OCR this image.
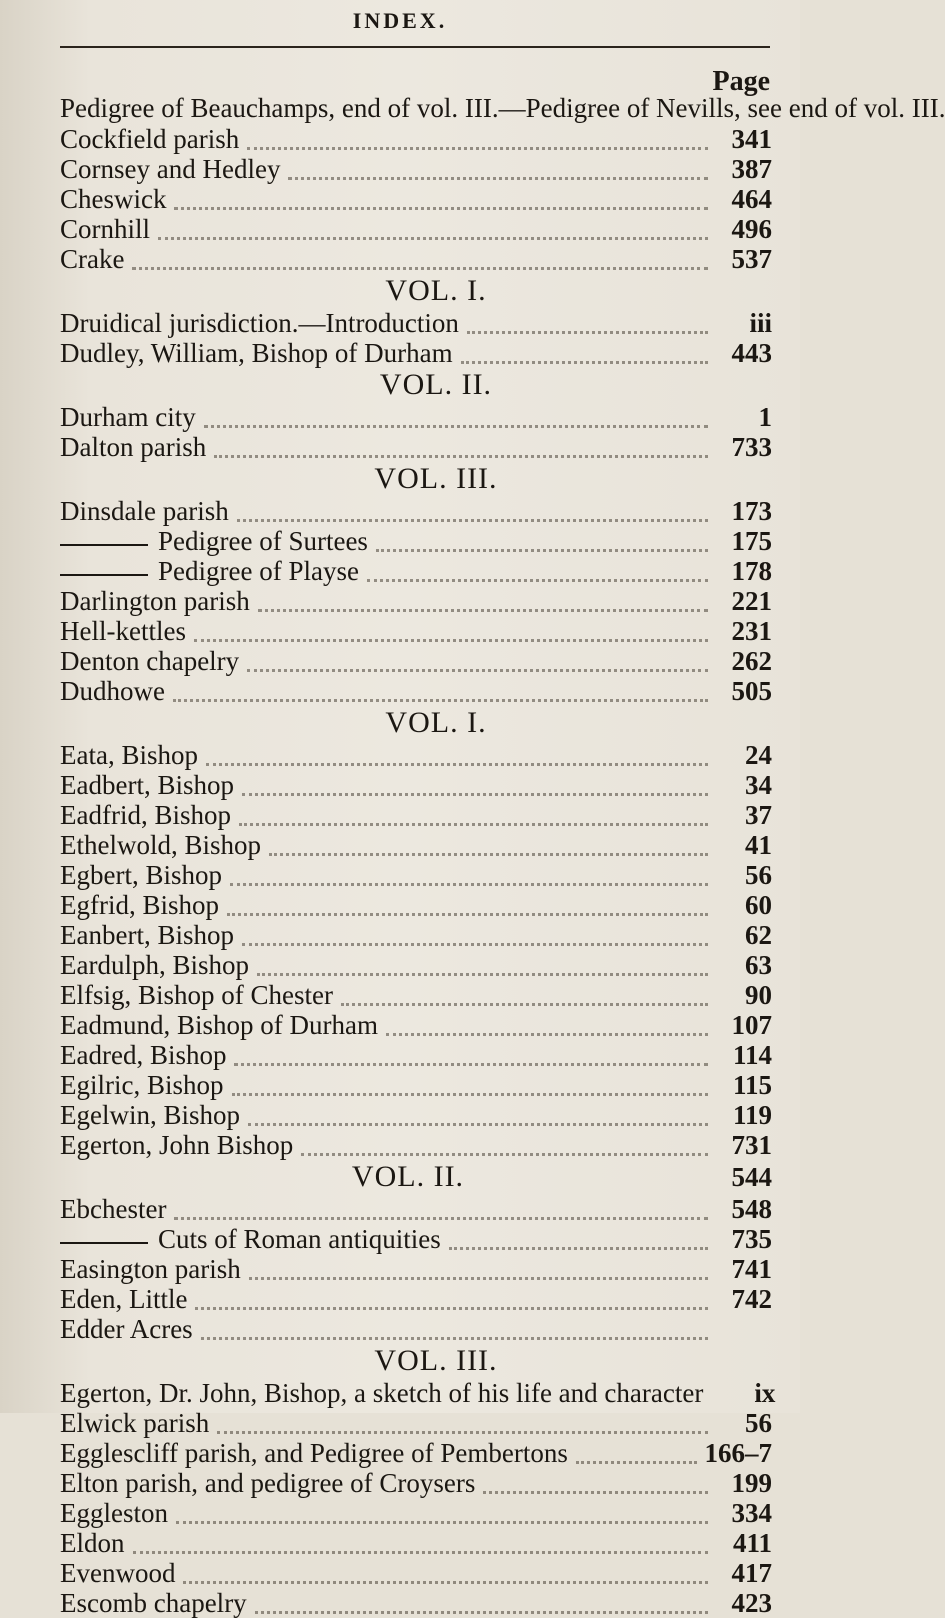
INDEX.
Page
Pedigree of Beauchamps, end of vol. III.—Pedigree of Nevills, see end of vol. III.
Cockfield parish	341
Cornsey and Hedley	387
Cheswick	464
Cornhill	496
Crake	537
VOL. I.
Druidical jurisdiction.—Introduction	iii
Dudley, William, Bishop of Durham	443
VOL. II.
Durham city	1
Dalton parish	733
VOL. III.
Dinsdale parish	173
Pedigree of Surtees	175
Pedigree of Playse	178
Darlington parish	221
Hell-kettles	231
Denton chapelry	262
Dudhowe	505
VOL. I.
Eata, Bishop	24
Eadbert, Bishop	34
Eadfrid, Bishop	37
Ethelwold, Bishop	41
Egbert, Bishop	56
Egfrid, Bishop	60
Eanbert, Bishop	62
Eardulph, Bishop	63
Elfsig, Bishop of Chester	90
Eadmund, Bishop of Durham	107
Eadred, Bishop	114
Egilric, Bishop	115
Egelwin, Bishop	119
Egerton, John Bishop	731
VOL. II.	544
Ebchester	548
Cuts of Roman antiquities	735
Easington parish	741
Eden, Little	742
Edder Acres
VOL. III.
Egerton, Dr. John, Bishop, a sketch of his life and character	ix
Elwick parish	56
Egglescliff parish, and Pedigree of Pembertons	166–7
Elton parish, and pedigree of Croysers	199
Eggleston	334
Eldon	411
Evenwood	417
Escomb chapelry	423
